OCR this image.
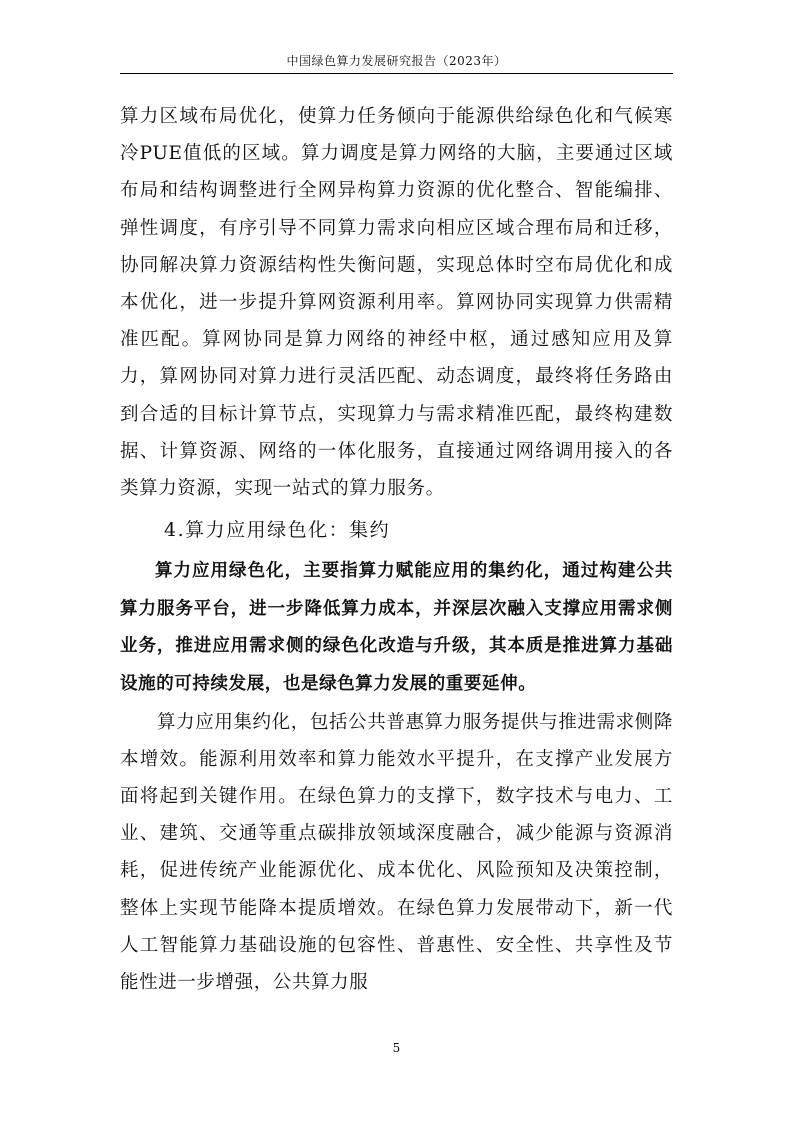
中国绿色算力发展研究报告（2023年）

算力区域布局优化，使算力任务倾向于能源供给绿色化和气候寒冷PUE值低的区域。算力调度是算力网络的大脑，主要通过区域布局和结构调整进行全网异构算力资源的优化整合、智能编排、弹性调度，有序引导不同算力需求向相应区域合理布局和迁移，协同解决算力资源结构性失衡问题，实现总体时空布局优化和成本优化，进一步提升算网资源利用率。算网协同实现算力供需精准匹配。算网协同是算力网络的神经中枢，通过感知应用及算力，算网协同对算力进行灵活匹配、动态调度，最终将任务路由到合适的目标计算节点，实现算力与需求精准匹配，最终构建数据、计算资源、网络的一体化服务，直接通过网络调用接入的各类算力资源，实现一站式的算力服务。

4.算力应用绿色化：集约

算力应用绿色化，主要指算力赋能应用的集约化，通过构建公共算力服务平台，进一步降低算力成本，并深层次融入支撑应用需求侧业务，推进应用需求侧的绿色化改造与升级，其本质是推进算力基础设施的可持续发展，也是绿色算力发展的重要延伸。

算力应用集约化，包括公共普惠算力服务提供与推进需求侧降本增效。能源利用效率和算力能效水平提升，在支撑产业发展方面将起到关键作用。在绿色算力的支撑下，数字技术与电力、工业、建筑、交通等重点碳排放领域深度融合，减少能源与资源消耗，促进传统产业能源优化、成本优化、风险预知及决策控制，整体上实现节能降本提质增效。在绿色算力发展带动下，新一代人工智能算力基础设施的包容性、普惠性、安全性、共享性及节能性进一步增强，公共算力服

5
